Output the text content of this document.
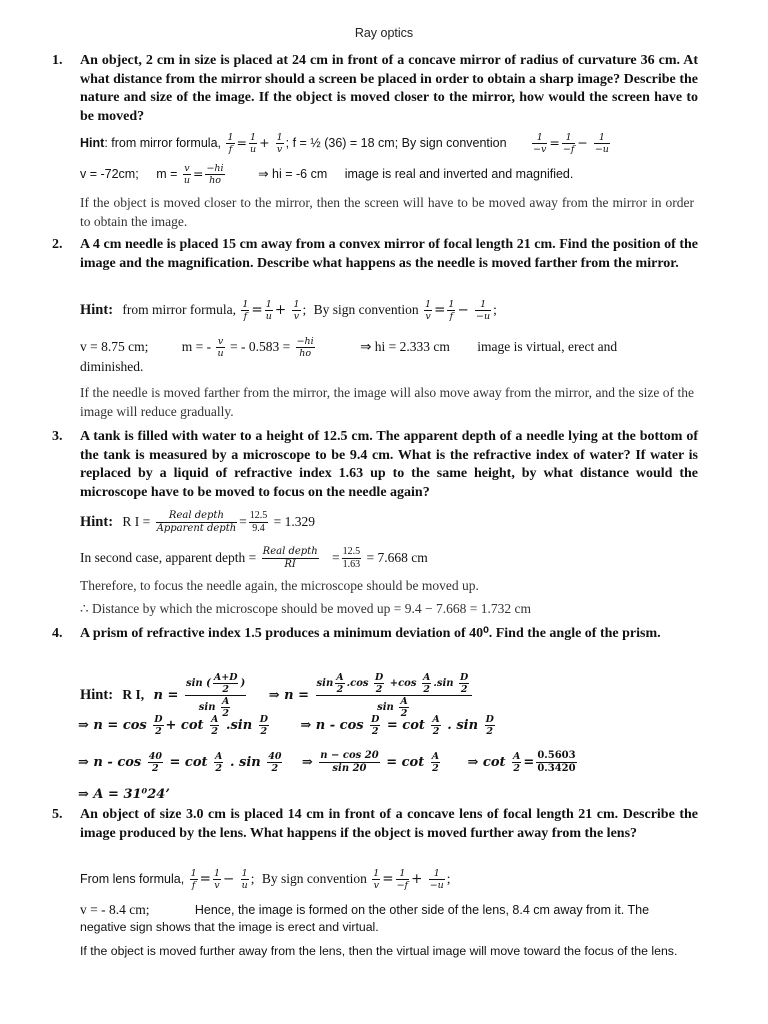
Ray optics
1. An object, 2 cm in size is placed at 24 cm in front of a concave mirror of radius of curvature 36 cm. At what distance from the mirror should a screen be placed in order to obtain a sharp image? Describe the nature and size of the image. If the object is moved closer to the mirror, how would the screen have to be moved?
Hint: from mirror formula, $\frac{1}{f} = \frac{1}{u} + \frac{1}{v}$ ; f = ½ (36) = 18 cm; By sign convention	$\frac{1}{-v} = \frac{1}{-f} - \frac{1}{-u}$
v = -72cm; $m = \frac{v}{u} = \frac{-hi}{ho}$	⇒ hi = -6 cm image is real and inverted and magnified.
If the object is moved closer to the mirror, then the screen will have to be moved away from the mirror in order to obtain the image.
2. A 4 cm needle is placed 15 cm away from a convex mirror of focal length 21 cm. Find the position of the image and the magnification. Describe what happens as the needle is moved farther from the mirror.
Hint: from mirror formula, $\frac{1}{f} = \frac{1}{u} + \frac{1}{v}$ ; By sign convention $\frac{1}{v} = \frac{1}{f} - \frac{1}{-u}$ ;
v = 8.75 cm; m = - $\frac{v}{u}$ = - $0.583 = \frac{-hi}{ho}$	⇒ hi = 2.333 cm image is virtual, erect and
diminished.
If the needle is moved farther from the mirror, the image will also move away from the mirror, and the size of the image will reduce gradually.
3. A tank is filled with water to a height of 12.5 cm. The apparent depth of a needle lying at the bottom of the tank is measured by a microscope to be 9.4 cm. What is the refractive index of water? If water is replaced by a liquid of refractive index 1.63 up to the same height, by what distance would the microscope have to be moved to focus on the needle again?
Hint: R $I = \frac{\text{Real depth}}{\text{Apparent depth}} = \frac{12.5}{9.4} = 1.329$
In second case, apparent depth = $\frac{\text{Real depth}}{RI} = \frac{12.5}{1.63} = 7.668$ cm
Therefore, to focus the needle again, the microscope should be moved up.
∴ Distance by which the microscope should be moved up = 9.4 − 7.668 = 1.732 cm
4. A prism of refractive index 1.5 produces a minimum deviation of 40⁰. Find the angle of the prism.
Hint: R I, $n = \frac{\sin ( \frac{A+D}{2} )}{\sin \frac{A}{2}}$ ⇒ $n = \frac{\sin \frac{A}{2} .\cos \frac{D}{2} +\cos \frac{A}{2} .\sin \frac{D}{2}}{\sin \frac{A}{2}}$
⇒ $n = \cos \frac{D}{2} + \cot \frac{A}{2} .\sin \frac{D}{2}$ ⇒ $n - \cos \frac{D}{2} = \cot \frac{A}{2}$ . $\sin \frac{D}{2}$
⇒ $n - \cos \frac{40}{2} = \cot \frac{A}{2}$ . $\sin \frac{40}{2}$ ⇒ $\frac{n - \cos 20}{\sin 20} = \cot \frac{A}{2}$ ⇒ $\cot \frac{A}{2} = \frac{0.5603}{0.3420}$
⇒ A = 31⁰24’
5. An object of size 3.0 cm is placed 14 cm in front of a concave lens of focal length 21 cm. Describe the image produced by the lens. What happens if the object is moved further away from the lens?
From lens formula, $\frac{1}{f} = \frac{1}{v} - \frac{1}{u}$ ; By sign convention $\frac{1}{v} = \frac{1}{-f} + \frac{1}{-u}$ ;
v = - 8.4 cm;	Hence, the image is formed on the other side of the lens, 8.4 cm away from it. The
negative sign shows that the image is erect and virtual.
If the object is moved further away from the lens, then the virtual image will move toward the focus of the lens.
